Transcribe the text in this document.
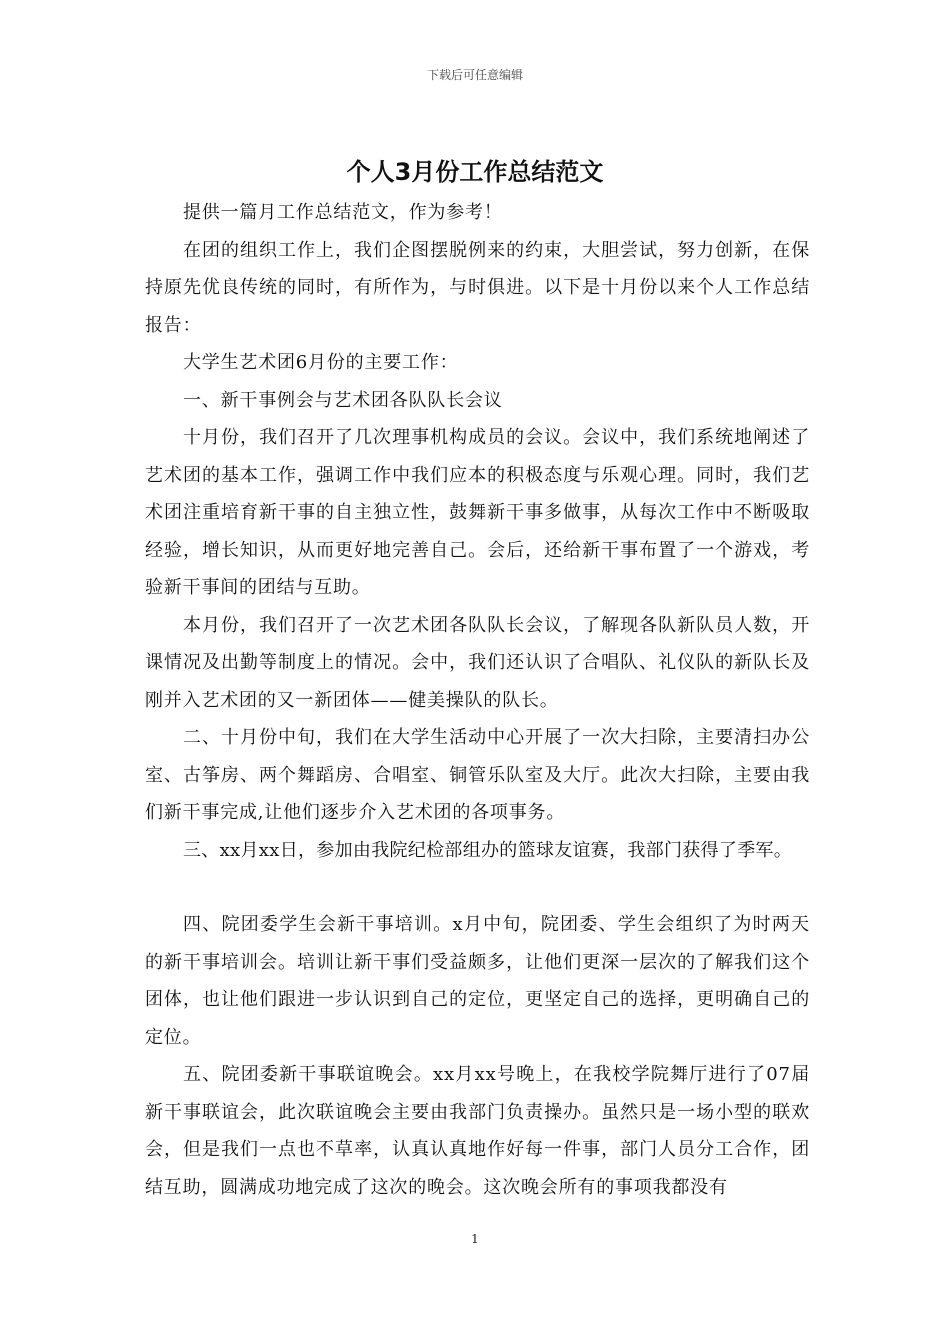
下载后可任意编辑
个人3月份工作总结范文

提供一篇月工作总结范文，作为参考！

在团的组织工作上，我们企图摆脱例来的约束，大胆尝试，努力创新，在保持原先优良传统的同时，有所作为，与时俱进。以下是十月份以来个人工作总结报告：

大学生艺术团6月份的主要工作：

一、新干事例会与艺术团各队队长会议

十月份，我们召开了几次理事机构成员的会议。会议中，我们系统地阐述了艺术团的基本工作，强调工作中我们应本的积极态度与乐观心理。同时，我们艺术团注重培育新干事的自主独立性，鼓舞新干事多做事，从每次工作中不断吸取经验，增长知识，从而更好地完善自己。会后，还给新干事布置了一个游戏，考验新干事间的团结与互助。

本月份，我们召开了一次艺术团各队队长会议，了解现各队新队员人数，开课情况及出勤等制度上的情况。会中，我们还认识了合唱队、礼仪队的新队长及刚并入艺术团的又一新团体——健美操队的队长。

二、十月份中旬，我们在大学生活动中心开展了一次大扫除，主要清扫办公室、古筝房、两个舞蹈房、合唱室、铜管乐队室及大厅。此次大扫除，主要由我们新干事完成,让他们逐步介入艺术团的各项事务。

三、xx月xx日，参加由我院纪检部组办的篮球友谊赛，我部门获得了季军。

四、院团委学生会新干事培训。x月中旬，院团委、学生会组织了为时两天的新干事培训会。培训让新干事们受益颇多，让他们更深一层次的了解我们这个团体，也让他们跟进一步认识到自己的定位，更坚定自己的选择，更明确自己的定位。

五、院团委新干事联谊晚会。xx月xx号晚上，在我校学院舞厅进行了07届新干事联谊会，此次联谊晚会主要由我部门负责操办。虽然只是一场小型的联欢会，但是我们一点也不草率，认真认真地作好每一件事，部门人员分工合作，团结互助，圆满成功地完成了这次的晚会。这次晚会所有的事项我都没有

1
